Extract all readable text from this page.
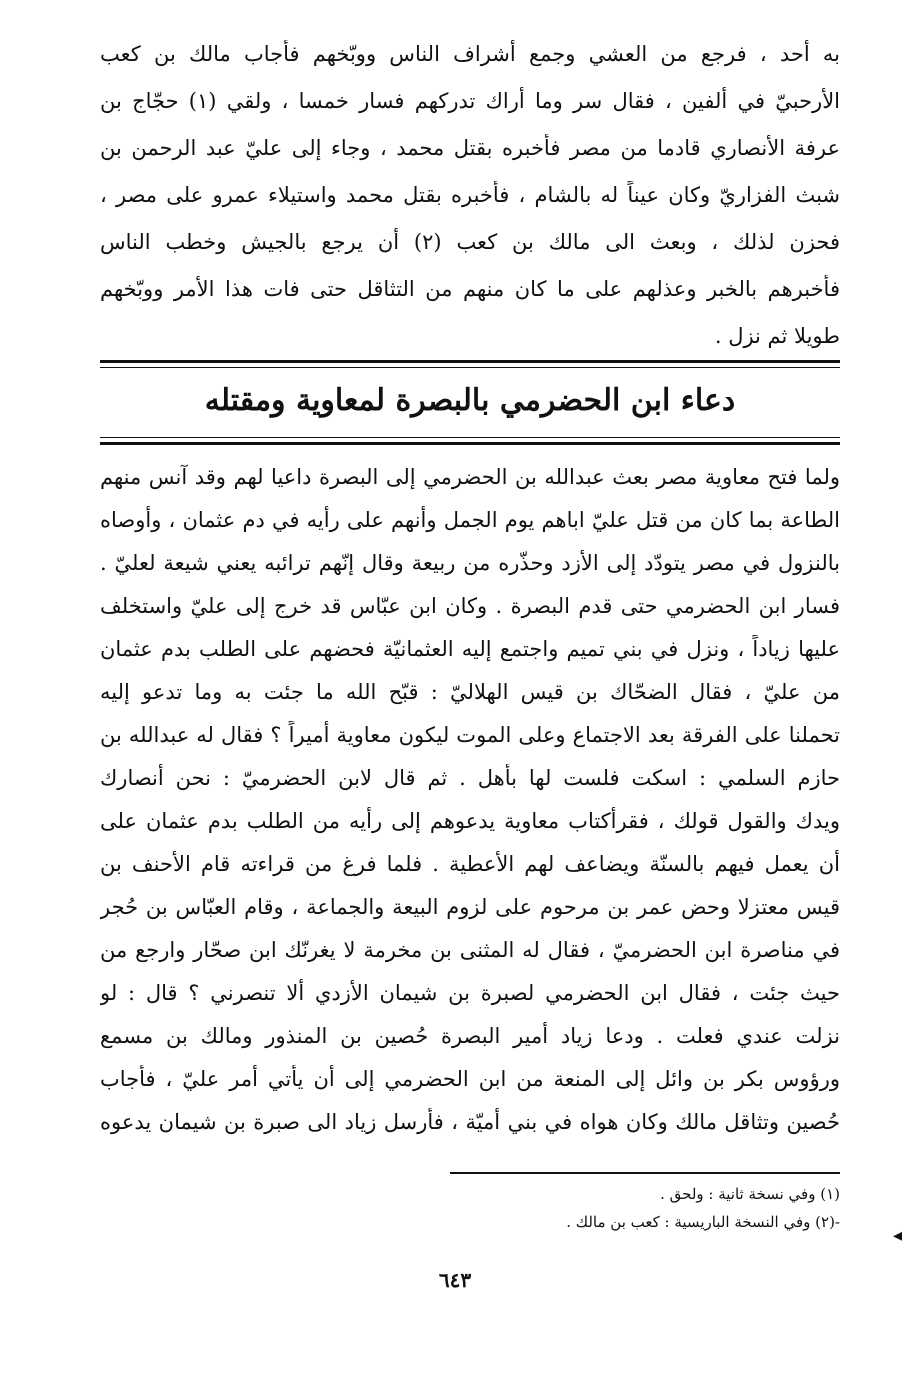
به أحد ، فرجع من العشي وجمع أشراف الناس ووبّخهم فأجاب مالك بن كعب
الأرحبيّ في ألفين ، فقال سر وما أراك تدركهم فسار خمسا ، ولقي (١) حجّاج بن
عرفة الأنصاري قادما من مصر فأخبره بقتل محمد ، وجاء إلى عليّ عبد الرحمن بن
شبث الفزاريّ وكان عيناً له بالشام ، فأخبره بقتل محمد واستيلاء عمرو على مصر ،
فحزن لذلك ، وبعث الى مالك بن كعب (٢) أن يرجع بالجيش وخطب الناس
فأخبرهم بالخبر وعذلهم على ما كان منهم من التثاقل حتى فات هذا الأمر ووبّخهم
طويلا ثم نزل .
دعاء ابن الحضرمي بالبصرة لمعاوية ومقتله
ولما فتح معاوية مصر بعث عبدالله بن الحضرمي إلى البصرة داعيا لهم وقد آنس منهم
الطاعة بما كان من قتل عليّ اباهم يوم الجمل وأنهم على رأيه في دم عثمان ، وأوصاه
بالنزول في مصر يتودّد إلى الأزد وحذّره من ربيعة وقال إنّهم ترائبه يعني شيعة لعليّ .
فسار ابن الحضرمي حتى قدم البصرة . وكان ابن عبّاس قد خرج إلى عليّ واستخلف
عليها زياداً ، ونزل في بني تميم واجتمع إليه العثمانيّة فحضهم على الطلب بدم عثمان
من عليّ ، فقال الضحّاك بن قيس الهلاليّ : قبّح الله ما جئت به وما تدعو إليه
تحملنا على الفرقة بعد الاجتماع وعلى الموت ليكون معاوية أميراً ؟ فقال له عبدالله بن
حازم السلمي : اسكت فلست لها بأهل . ثم قال لابن الحضرميّ : نحن أنصارك
ويدك والقول قولك ، فقرأكتاب معاوية يدعوهم إلى رأيه من الطلب بدم عثمان على
أن يعمل فيهم بالسنّة ويضاعف لهم الأعطية . فلما فرغ من قراءته قام الأحنف بن
قيس معتزلا وحض عمر بن مرحوم على لزوم البيعة والجماعة ، وقام العبّاس بن حُجر
في مناصرة ابن الحضرميّ ، فقال له المثنى بن مخرمة لا يغرنّك ابن صحّار وارجع من
حيث جئت ، فقال ابن الحضرمي لصبرة بن شيمان الأزدي ألا تنصرني ؟ قال : لو
نزلت عندي فعلت . ودعا زياد أمير البصرة حُصين بن المنذور ومالك بن مسمع
ورؤوس بكر بن وائل إلى المنعة من ابن الحضرمي إلى أن يأتي أمر عليّ ، فأجاب
حُصين وتثاقل مالك وكان هواه في بني أميّة ، فأرسل زياد الى صبرة بن شيمان يدعوه
(١) وفي نسخة ثانية : ولحق .
-(٢) وفي النسخة الباريسية : كعب بن مالك .
٦٤٣
◂
